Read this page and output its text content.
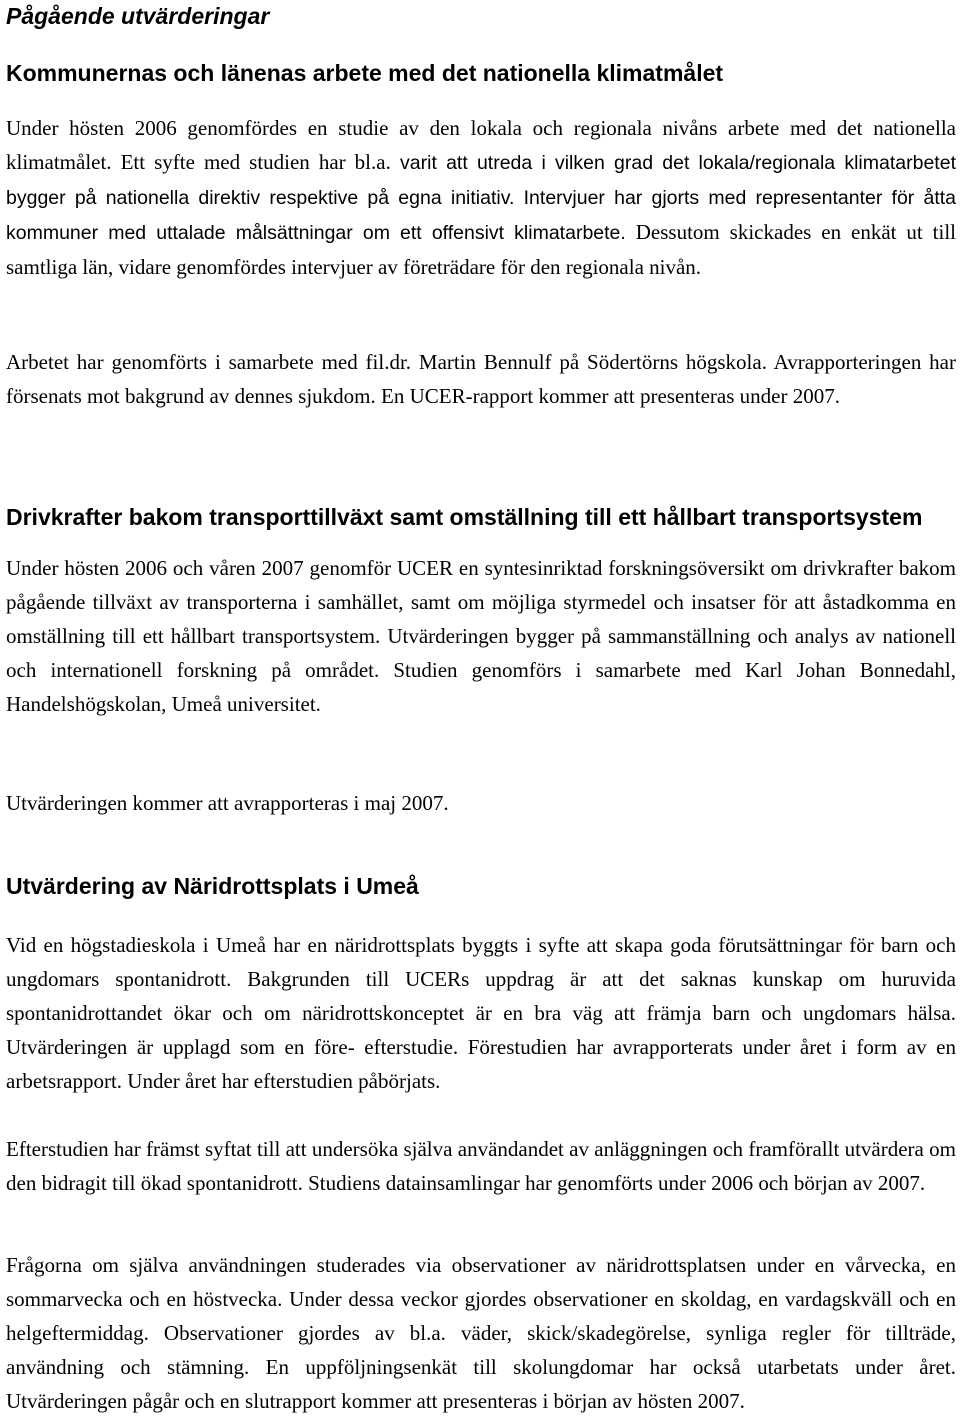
Pågående utvärderingar
Kommunernas och länenas arbete med det nationella klimatmålet

Under hösten 2006 genomfördes en studie av den lokala och regionala nivåns arbete med det nationella klimatmålet. Ett syfte med studien har bl.a. varit att utreda i vilken grad det lokala/regionala klimatarbetet bygger på nationella direktiv respektive på egna initiativ. Intervjuer har gjorts med representanter för åtta kommuner med uttalade målsättningar om ett offensivt klimatarbete. Dessutom skickades en enkät ut till samtliga län, vidare genomfördes intervjuer av företrädare för den regionala nivån.

Arbetet har genomförts i samarbete med fil.dr. Martin Bennulf på Södertörns högskola. Avrapporteringen har försenats mot bakgrund av dennes sjukdom. En UCER-rapport kommer att presenteras under 2007.

Drivkrafter bakom transporttillväxt samt omställning till ett hållbart transportsystem

Under hösten 2006 och våren 2007 genomför UCER en syntesinriktad forskningsöversikt om drivkrafter bakom pågående tillväxt av transporterna i samhället, samt om möjliga styrmedel och insatser för att åstadkomma en omställning till ett hållbart transportsystem. Utvärderingen bygger på sammanställning och analys av nationell och internationell forskning på området. Studien genomförs i samarbete med Karl Johan Bonnedahl, Handelshögskolan, Umeå universitet.

Utvärderingen kommer att avrapporteras i maj 2007.

Utvärdering av Näridrottsplats i Umeå

Vid en högstadieskola i Umeå har en näridrottsplats byggts i syfte att skapa goda förutsättningar för barn och ungdomars spontanidrott. Bakgrunden till UCERs uppdrag är att det saknas kunskap om huruvida spontanidrottandet ökar och om näridrottskonceptet är en bra väg att främja barn och ungdomars hälsa. Utvärderingen är upplagd som en före- efterstudie. Förestudien har avrapporterats under året i form av en arbetsrapport. Under året har efterstudien påbörjats.

Efterstudien har främst syftat till att undersöka själva användandet av anläggningen och framförallt utvärdera om den bidragit till ökad spontanidrott. Studiens datainsamlingar har genomförts under 2006 och början av 2007.

Frågorna om själva användningen studerades via observationer av näridrottsplatsen under en vårvecka, en sommarvecka och en höstvecka. Under dessa veckor gjordes observationer en skoldag, en vardagskväll och en helgeftermiddag. Observationer gjordes av bl.a. väder, skick/skadegörelse, synliga regler för tillträde, användning och stämning. En uppföljningsenkät till skolungdomar har också utarbetats under året. Utvärderingen pågår och en slutrapport kommer att presenteras i början av hösten 2007.
